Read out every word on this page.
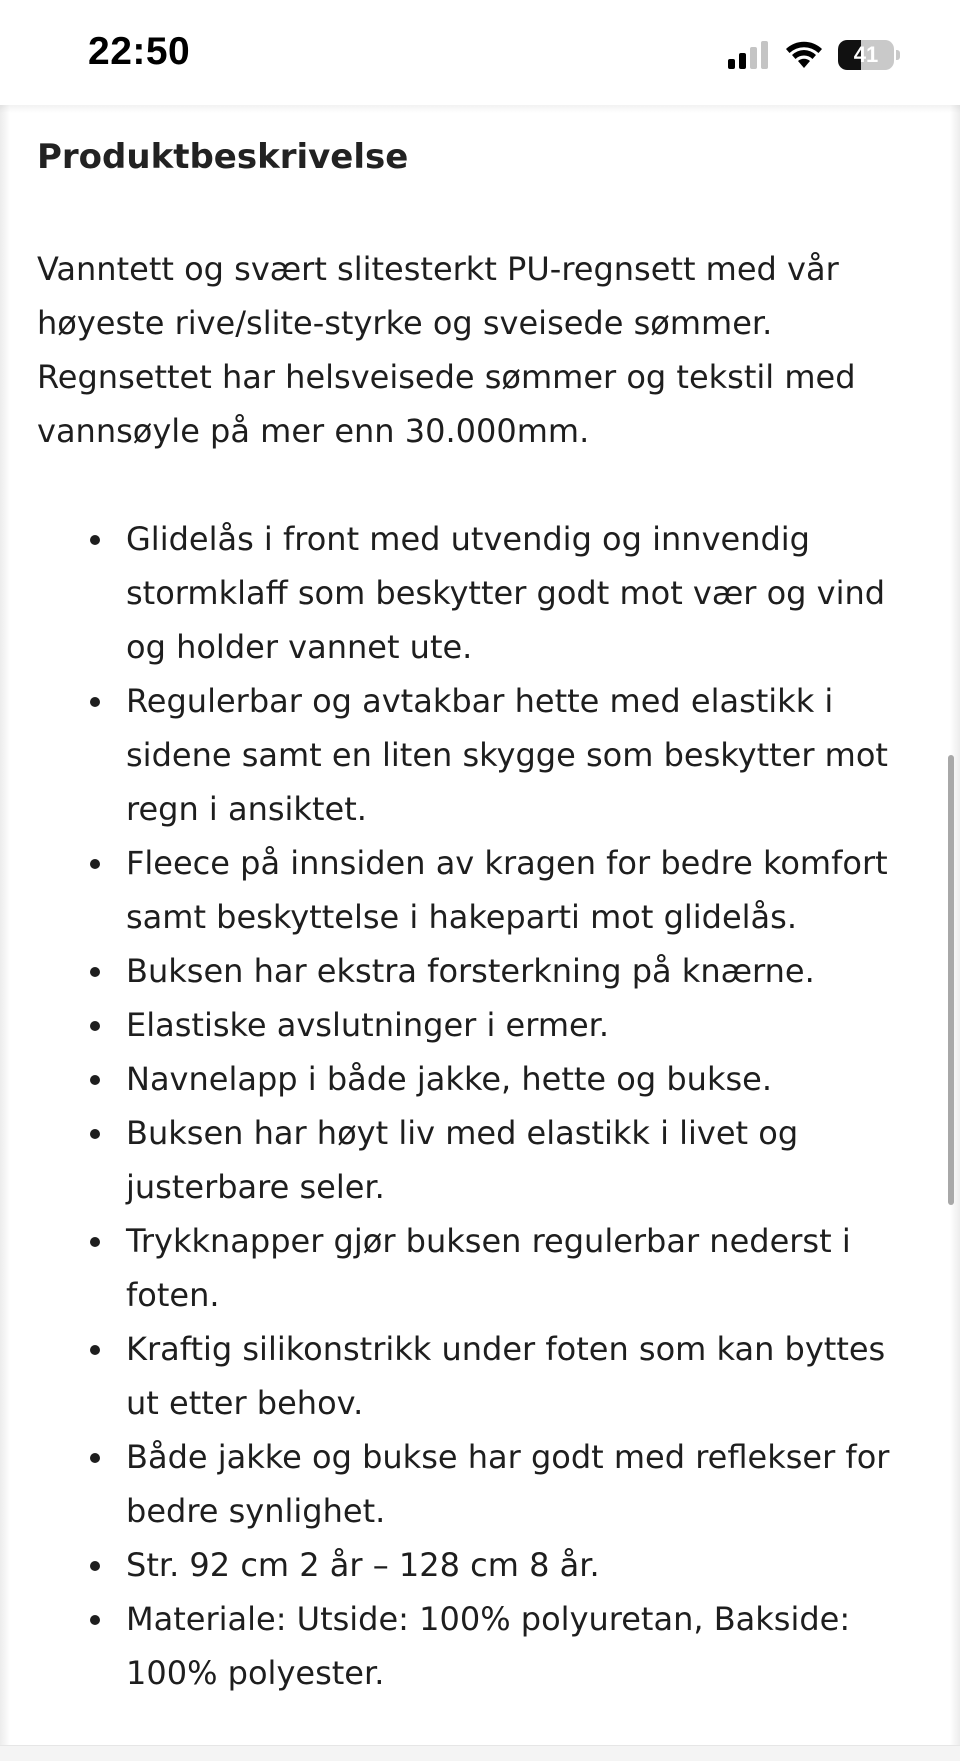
22:50	41
Produktbeskrivelse

Vanntett og svært slitesterkt PU-regnsett med vår høyeste rive/slite-styrke og sveisede sømmer. Regnsettet har helsveisede sømmer og tekstil med vannsøyle på mer enn 30.000mm.

Glidelås i front med utvendig og innvendig stormklaff som beskytter godt mot vær og vind og holder vannet ute.
Regulerbar og avtakbar hette med elastikk i sidene samt en liten skygge som beskytter mot regn i ansiktet.
Fleece på innsiden av kragen for bedre komfort samt beskyttelse i hakeparti mot glidelås.
Buksen har ekstra forsterkning på knærne.
Elastiske avslutninger i ermer.
Navnelapp i både jakke, hette og bukse.
Buksen har høyt liv med elastikk i livet og justerbare seler.
Trykknapper gjør buksen regulerbar nederst i foten.
Kraftig silikonstrikk under foten som kan byttes ut etter behov.
Både jakke og bukse har godt med reflekser for bedre synlighet.
Str. 92 cm 2 år – 128 cm 8 år.
Materiale: Utside: 100% polyuretan, Bakside: 100% polyester.
